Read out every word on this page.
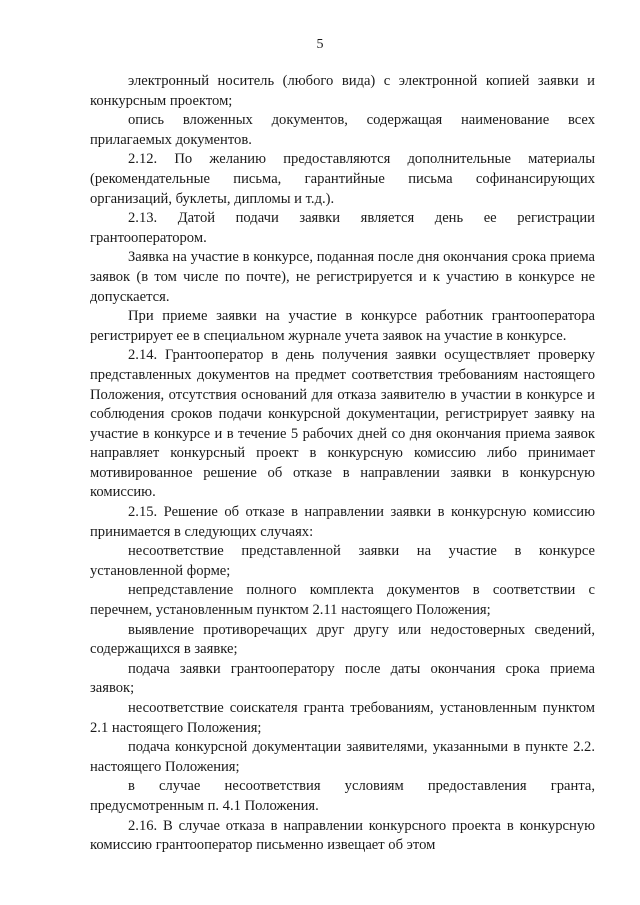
5

электронный носитель (любого вида) с электронной копией заявки и конкурсным проектом;

опись вложенных документов, содержащая наименование всех прилагаемых документов.

2.12. По желанию предоставляются дополнительные материалы (рекомендательные письма, гарантийные письма софинансирующих организаций, буклеты, дипломы и т.д.).

2.13. Датой подачи заявки является день ее регистрации грантооператором.

Заявка на участие в конкурсе, поданная после дня окончания срока приема заявок (в том числе по почте), не регистрируется и к участию в конкурсе не допускается.

При приеме заявки на участие в конкурсе работник грантооператора регистрирует ее в специальном журнале учета заявок на участие в конкурсе.

2.14. Грантооператор в день получения заявки осуществляет проверку представленных документов на предмет соответствия требованиям настоящего Положения, отсутствия оснований для отказа заявителю в участии в конкурсе и соблюдения сроков подачи конкурсной документации, регистрирует заявку на участие в конкурсе и в течение 5 рабочих дней со дня окончания приема заявок направляет конкурсный проект в конкурсную комиссию либо принимает мотивированное решение об отказе в направлении заявки в конкурсную комиссию.

2.15. Решение об отказе в направлении заявки в конкурсную комиссию принимается в следующих случаях:

несоответствие представленной заявки на участие в конкурсе установленной форме;

непредставление полного комплекта документов в соответствии с перечнем, установленным пунктом 2.11 настоящего Положения;

выявление противоречащих друг другу или недостоверных сведений, содержащихся в заявке;

подача заявки грантооператору после даты окончания срока приема заявок;

несоответствие соискателя гранта требованиям, установленным пунктом 2.1 настоящего Положения;

подача конкурсной документации заявителями, указанными в пункте 2.2. настоящего Положения;

в случае несоответствия условиям предоставления гранта, предусмотренным п. 4.1 Положения.

2.16. В случае отказа в направлении конкурсного проекта в конкурсную комиссию грантооператор письменно извещает об этом
